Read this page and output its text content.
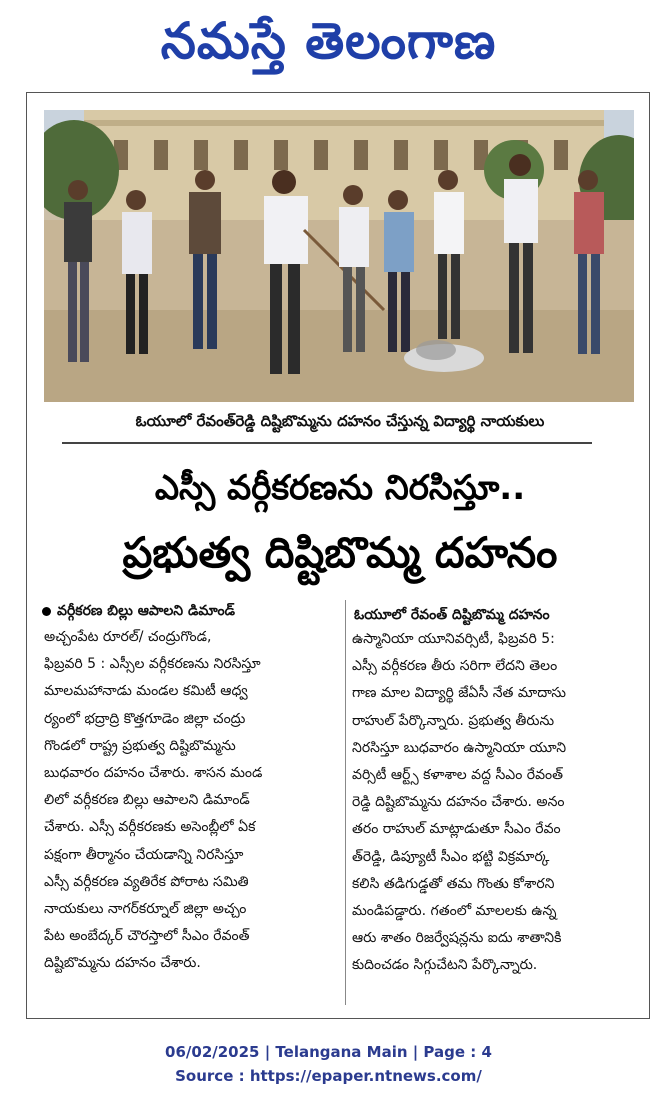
నమస్తే తెలంగాణ
ఓయూలో రేవంత్‌రెడ్డి దిష్టిబొమ్మను దహనం చేస్తున్న విద్యార్థి నాయకులు
ఎస్సీ వర్గీకరణను నిరసిస్తూ..
ప్రభుత్వ దిష్టిబొమ్మ దహనం
వర్గీకరణ బిల్లు ఆపాలని డిమాండ్	ఓయూలో రేవంత్ దిష్టిబొమ్మ దహనం
అచ్చంపేట రూరల్/ చంద్రుగొండ,
ఫిబ్రవరి 5 : ఎస్సీల వర్గీకరణను నిరసిస్తూ
మాలమహానాడు మండల కమిటీ ఆధ్వ
ర్యంలో భద్రాద్రి కొత్తగూడెం జిల్లా చంద్రు
గొండలో రాష్ట్ర ప్రభుత్వ దిష్టిబొమ్మను
బుధవారం దహనం చేశారు. శాసన మండ
లిలో వర్గీకరణ బిల్లు ఆపాలని డిమాండ్
చేశారు. ఎస్సీ వర్గీకరణకు అసెంబ్లీలో ఏక
పక్షంగా తీర్మానం చేయడాన్ని నిరసిస్తూ
ఎస్సీ వర్గీకరణ వ్యతిరేక పోరాట సమితి
నాయకులు నాగర్‌కర్నూల్ జిల్లా అచ్చం
పేట అంబేద్కర్ చౌరస్తాలో సీఎం రేవంత్
దిష్టిబొమ్మను దహనం చేశారు.
ఉస్మానియా యూనివర్సిటీ, ఫిబ్రవరి 5:
ఎస్సీ వర్గీకరణ తీరు సరిగా లేదని తెలం
గాణ మాల విద్యార్థి జేఏసీ నేత మాదాసు
రాహుల్ పేర్కొన్నారు. ప్రభుత్వ తీరును
నిరసిస్తూ బుధవారం ఉస్మానియా యూని
వర్సిటీ ఆర్ట్స్ కళాశాల వద్ద సీఎం రేవంత్
రెడ్డి దిష్టిబొమ్మను దహనం చేశారు. అనం
తరం రాహుల్ మాట్లాడుతూ సీఎం రేవం
త్‌రెడ్డి, డిప్యూటీ సీఎం భట్టి విక్రమార్క
కలిసి తడిగుడ్డతో తమ గొంతు కోశారని
మండిపడ్డారు. గతంలో మాలలకు ఉన్న
ఆరు శాతం రిజర్వేషన్లను ఐదు శాతానికి
కుదించడం సిగ్గుచేటని పేర్కొన్నారు.
06/02/2025 | Telangana Main | Page : 4
Source : https://epaper.ntnews.com/
